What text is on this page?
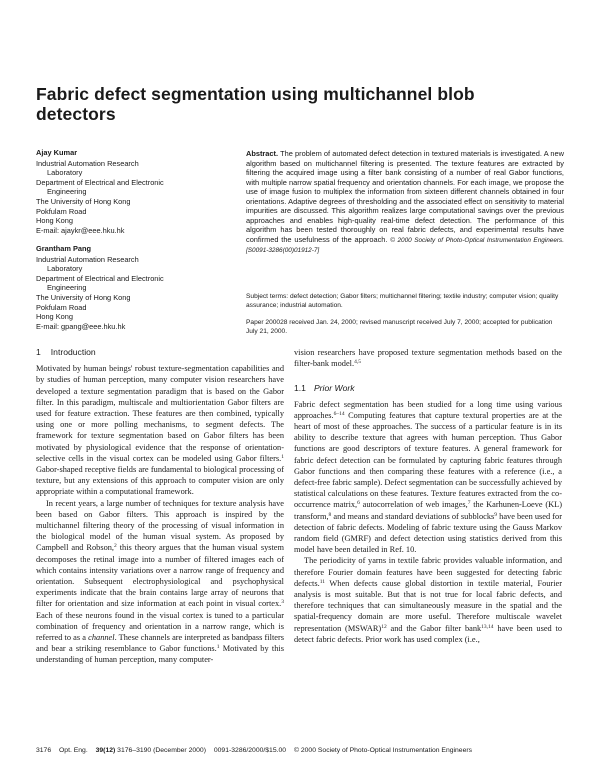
Fabric defect segmentation using multichannel blob detectors
Ajay Kumar
Industrial Automation Research
Laboratory
Department of Electrical and Electronic
Engineering
The University of Hong Kong
Pokfulam Road
Hong Kong
E-mail: ajaykr@eee.hku.hk
Grantham Pang
Industrial Automation Research
Laboratory
Department of Electrical and Electronic
Engineering
The University of Hong Kong
Pokfulam Road
Hong Kong
E-mail: gpang@eee.hku.hk
Abstract. The problem of automated defect detection in textured materials is investigated. A new algorithm based on multichannel filtering is presented. The texture features are extracted by filtering the acquired image using a filter bank consisting of a number of real Gabor functions, with multiple narrow spatial frequency and orientation channels. For each image, we propose the use of image fusion to multiplex the information from sixteen different channels obtained in four orientations. Adaptive degrees of thresholding and the associated effect on sensitivity to material impurities are discussed. This algorithm realizes large computational savings over the previous approaches and enables high-quality real-time defect detection. The performance of this algorithm has been tested thoroughly on real fabric defects, and experimental results have confirmed the usefulness of the approach. © 2000 Society of Photo-Optical Instrumentation Engineers. [S0091-3286(00)01912-7]
Subject terms: defect detection; Gabor filters; multichannel filtering; textile industry; computer vision; quality assurance; industrial automation.
Paper 200028 received Jan. 24, 2000; revised manuscript received July 7, 2000; accepted for publication July 21, 2000.
1 Introduction

Motivated by human beings' robust texture-segmentation capabilities and by studies of human perception, many computer vision researchers have developed a texture segmentation paradigm that is based on the Gabor filter. In this paradigm, multiscale and multiorientation Gabor filters are used for feature extraction. These features are then combined, typically using one or more polling mechanisms, to segment defects. The framework for texture segmentation based on Gabor filters has been motivated by physiological evidence that the response of orientation-selective cells in the visual cortex can be modeled using Gabor filters.$^1$ Gabor-shaped receptive fields are fundamental to biological processing of texture, but any extensions of this approach to computer vision are only appropriate within a computational framework.

In recent years, a large number of techniques for texture analysis have been based on Gabor filters. This approach is inspired by the multichannel filtering theory of the processing of visual information in the biological model of the human visual system. As proposed by Campbell and Robson,$^2$ this theory argues that the human visual system decomposes the retinal image into a number of filtered images each of which contains intensity variations over a narrow range of frequency and orientation. Subsequent electrophysiological and psychophysical experiments indicate that the brain contains large array of neurons that filter for orientation and size information at each point in visual cortex.$^3$ Each of these neurons found in the visual cortex is tuned to a particular combination of frequency and orientation in a narrow range, which is referred to as a channel. These channels are interpreted as bandpass filters and bear a striking resemblance to Gabor functions.$^1$ Motivated by this understanding of human perception, many computer-

vision researchers have proposed texture segmentation methods based on the filter-bank model.$^{4,5}$

1.1 Prior Work

Fabric defect segmentation has been studied for a long time using various approaches.$^{6-14}$ Computing features that capture textural properties are at the heart of most of these approaches. The success of a particular feature is in its ability to describe texture that agrees with human perception. Thus Gabor functions are good descriptors of texture features. A general framework for fabric defect detection can be formulated by capturing fabric features through Gabor functions and then comparing these features with a reference (i.e., a defect-free fabric sample). Defect segmentation can be successfully achieved by statistical calculations on these features. Texture features extracted from the co-occurrence matrix,$^6$ autocorrelation of web images,$^7$ the Karhunen-Loeve (KL) transform,$^8$ and means and standard deviations of subblocks$^9$ have been used for detection of fabric defects. Modeling of fabric texture using the Gauss Markov random field (GMRF) and defect detection using statistics derived from this model have been detailed in Ref. 10.

The periodicity of yarns in textile fabric provides valuable information, and therefore Fourier domain features have been suggested for detecting fabric defects.$^{11}$ When defects cause global distortion in textile material, Fourier analysis is most suitable. But that is not true for local fabric defects, and therefore techniques that can simultaneously measure in the spatial and the spatial-frequency domain are more useful. Therefore multiscale wavelet representation (MSWAR)$^{12}$ and the Gabor filter bank$^{13,14}$ have been used to detect fabric defects. Prior work has used complex (i.e.,

3176 Opt. Eng. 39(12) 3176–3190 (December 2000) 0091-3286/2000/$15.00 © 2000 Society of Photo-Optical Instrumentation Engineers
